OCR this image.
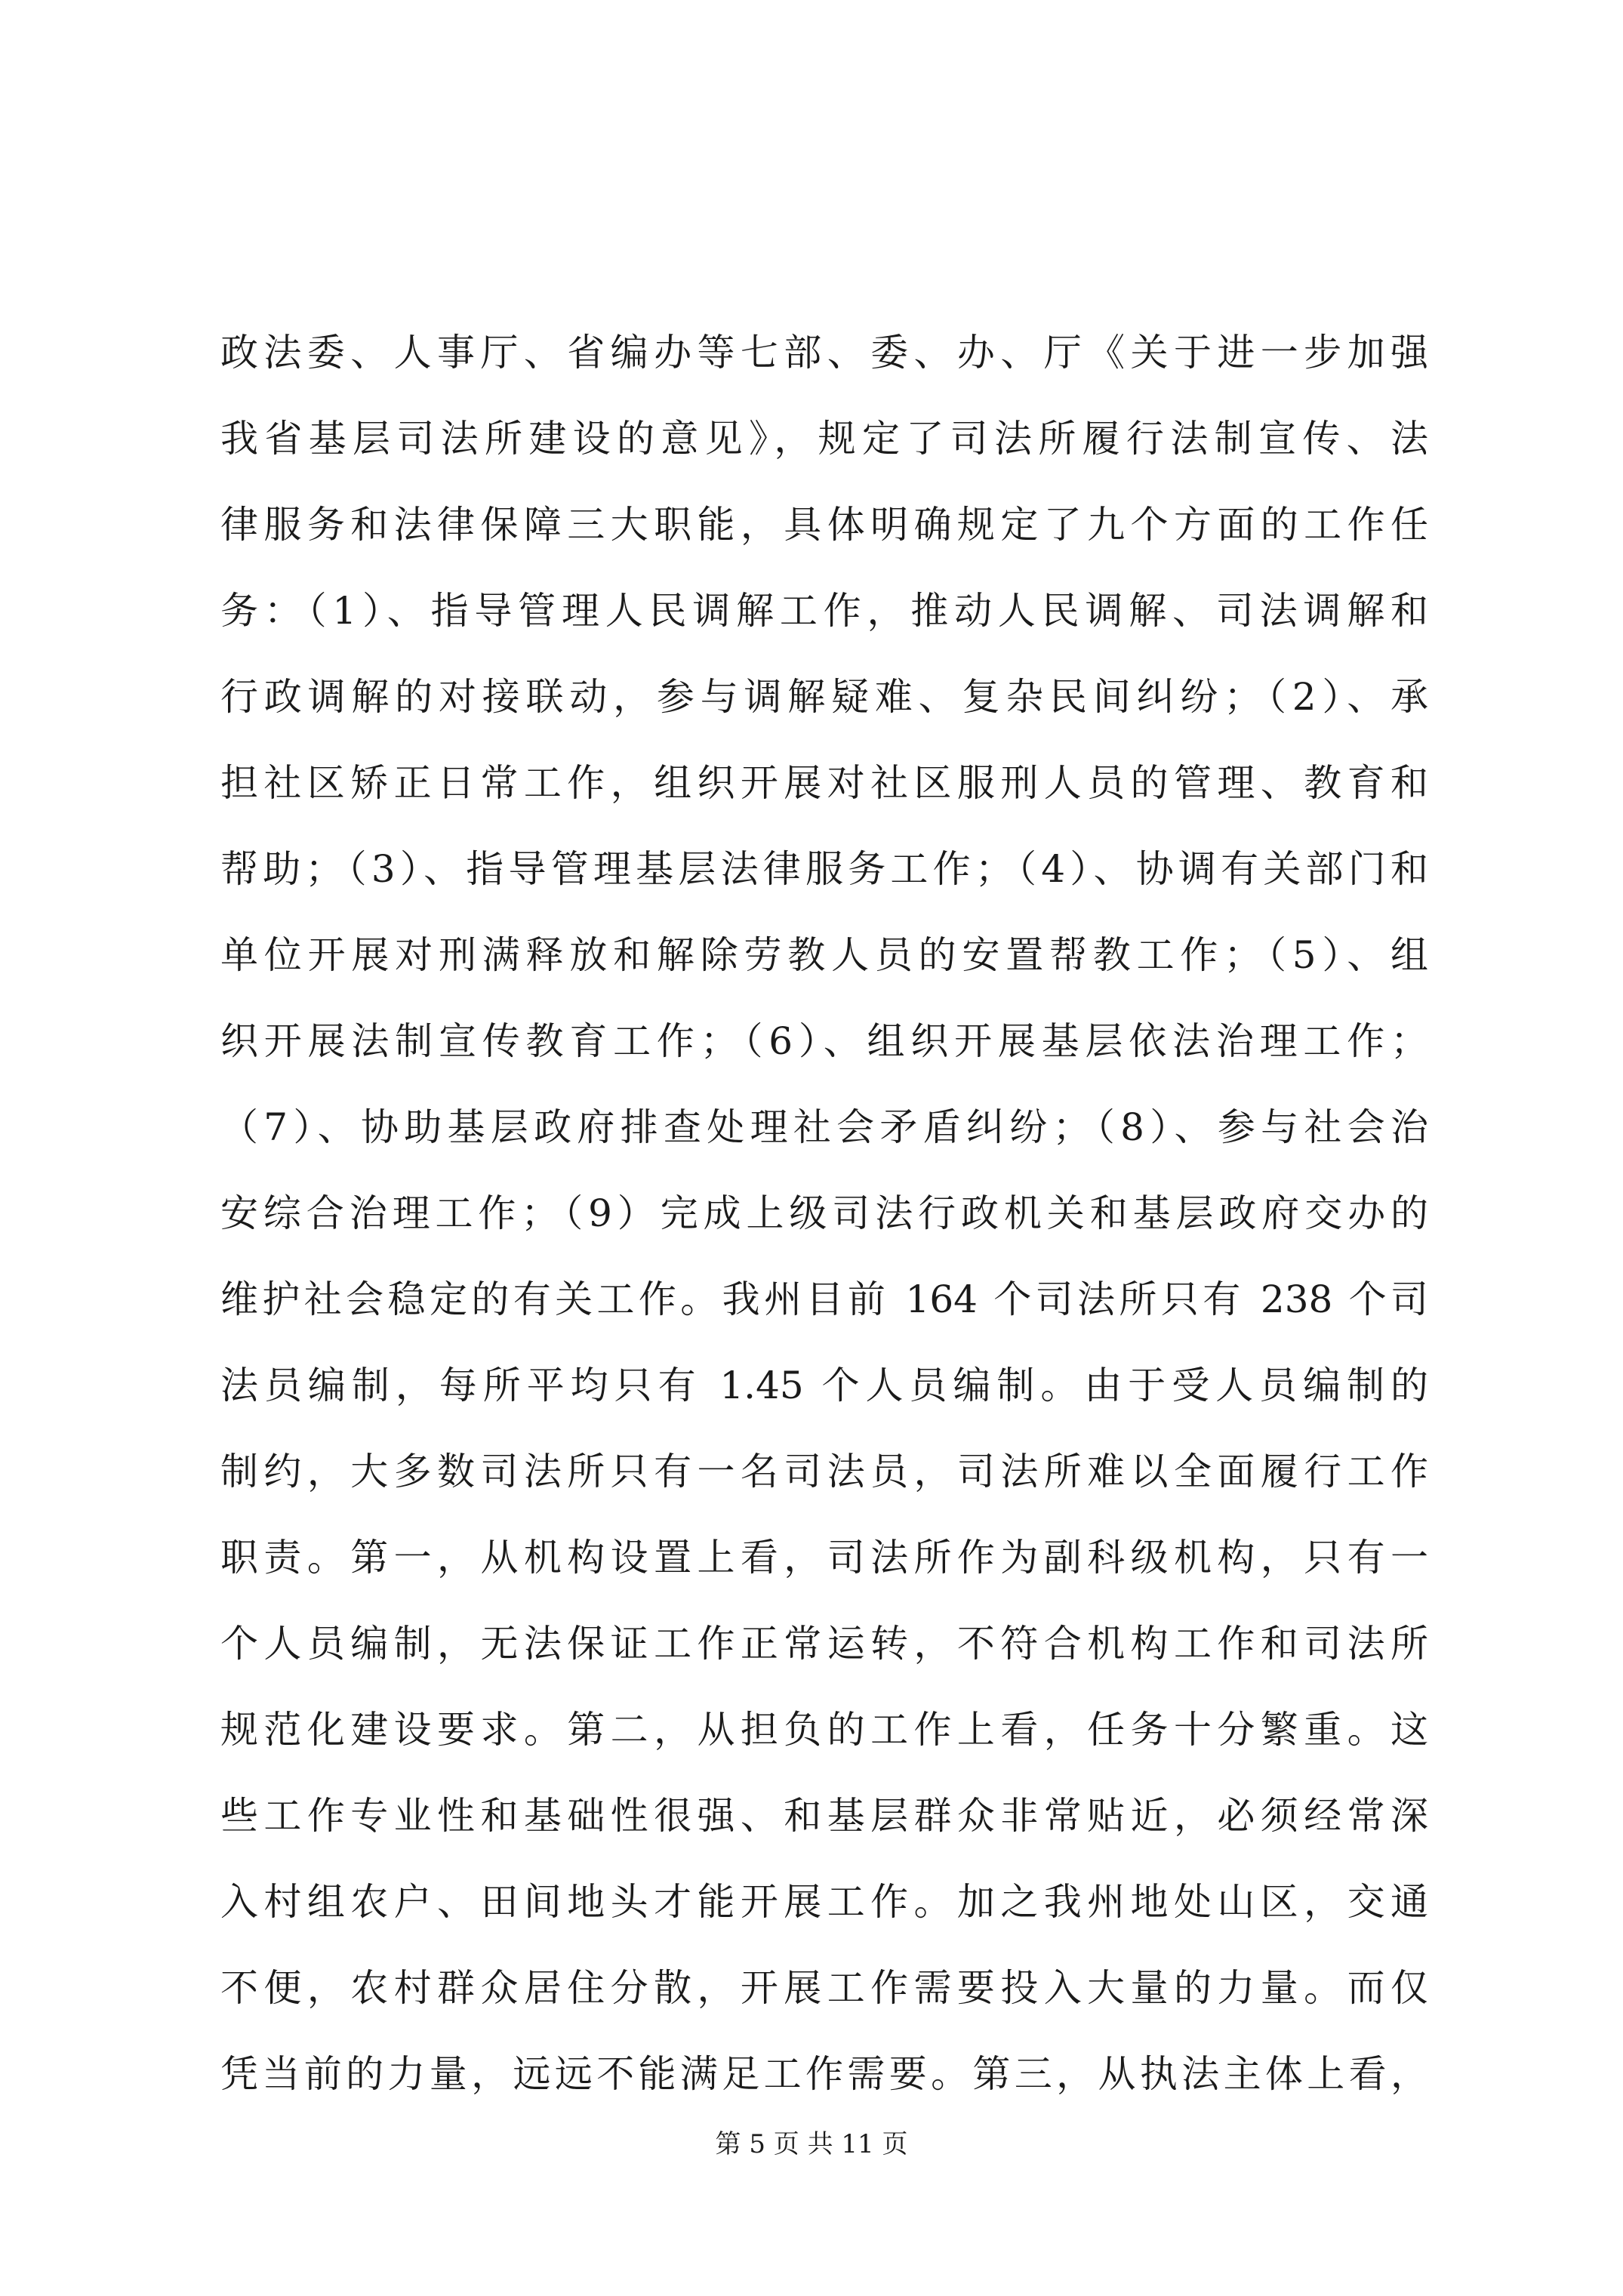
政法委、人事厅、省编办等七部、委、办、厅《关于进一步加强
我省基层司法所建设的意见》，规定了司法所履行法制宣传、法
律服务和法律保障三大职能，具体明确规定了九个方面的工作任
务：（1）、指导管理人民调解工作，推动人民调解、司法调解和
行政调解的对接联动，参与调解疑难、复杂民间纠纷；（2）、承
担社区矫正日常工作，组织开展对社区服刑人员的管理、教育和
帮助；（3）、指导管理基层法律服务工作；（4）、协调有关部门和
单位开展对刑满释放和解除劳教人员的安置帮教工作；（5）、组
织开展法制宣传教育工作；（6）、组织开展基层依法治理工作；
（7）、协助基层政府排查处理社会矛盾纠纷；（8）、参与社会治
安综合治理工作；（9）完成上级司法行政机关和基层政府交办的
维护社会稳定的有关工作。我州目前 164 个司法所只有 238 个司
法员编制，每所平均只有 1.45 个人员编制。由于受人员编制的
制约，大多数司法所只有一名司法员，司法所难以全面履行工作
职责。第一，从机构设置上看，司法所作为副科级机构，只有一
个人员编制，无法保证工作正常运转，不符合机构工作和司法所
规范化建设要求。第二，从担负的工作上看，任务十分繁重。这
些工作专业性和基础性很强、和基层群众非常贴近，必须经常深
入村组农户、田间地头才能开展工作。加之我州地处山区，交通
不便，农村群众居住分散，开展工作需要投入大量的力量。而仅
凭当前的力量，远远不能满足工作需要。第三，从执法主体上看，
第 5 页 共 11 页
